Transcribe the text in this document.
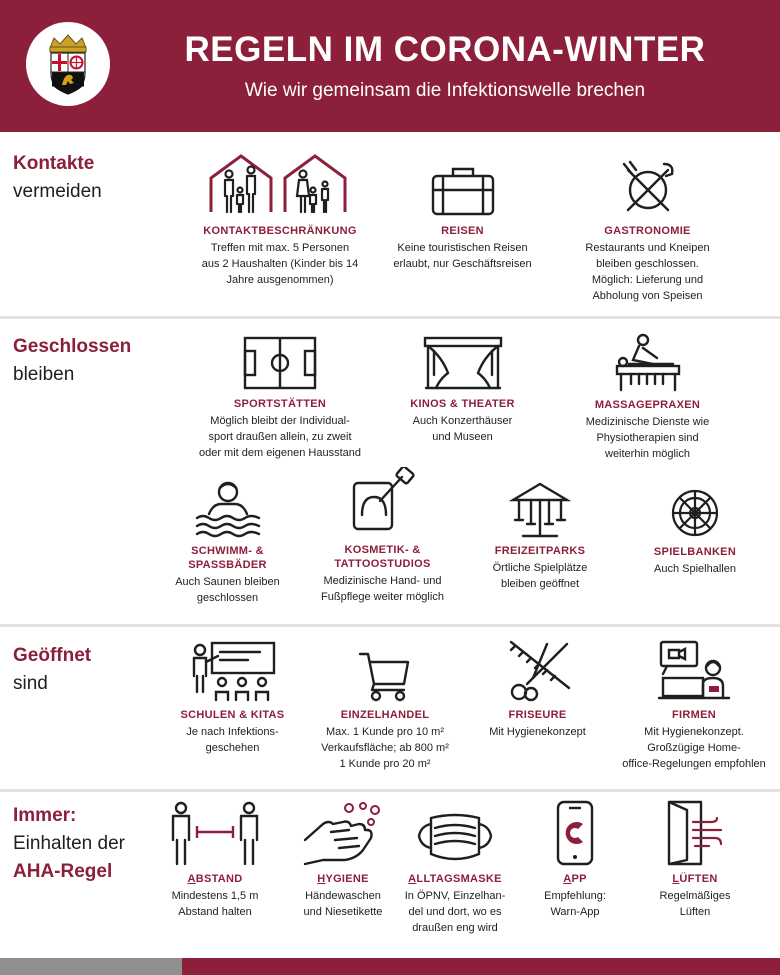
REGELN IM CORONA-WINTER
Wie wir gemeinsam die Infektionswelle brechen
Kontakte
vermeiden
KONTAKTBESCHRÄNKUNG
Treffen mit max. 5 Personen
aus 2 Haushalten (Kinder bis 14
Jahre ausgenommen)
REISEN
Keine touristischen Reisen
erlaubt, nur Geschäftsreisen
GASTRONOMIE
Restaurants und Kneipen
bleiben geschlossen.
Möglich: Lieferung und
Abholung von Speisen
Geschlossen
bleiben
SPORTSTÄTTEN
Möglich bleibt der Individual-
sport draußen allein, zu zweit
oder mit dem eigenen Hausstand
KINOS & THEATER
Auch Konzerthäuser
und Museen
MASSAGEPRAXEN
Medizinische Dienste wie
Physiotherapien sind
weiterhin möglich
SCHWIMM- &
SPASSBÄDER
Auch Saunen bleiben
geschlossen
KOSMETIK- &
TATTOOSTUDIOS
Medizinische Hand- und
Fußpflege weiter möglich
FREIZEITPARKS
Örtliche Spielplätze
bleiben geöffnet
SPIELBANKEN
Auch Spielhallen
Geöffnet
sind
SCHULEN & KITAS
Je nach Infektions-
geschehen
EINZELHANDEL
Max. 1 Kunde pro 10 m²
Verkaufsfläche; ab 800 m²
1 Kunde pro 20 m²
FRISEURE
Mit Hygienekonzept
FIRMEN
Mit Hygienekonzept.
Großzügige Home-
office-Regelungen empfohlen
Immer:
Einhalten der
AHA-Regel	ABSTAND
Mindestens 1,5 m
Abstand halten
HYGIENE
Händewaschen
und Niesetikette
ALLTAGSMASKE
In ÖPNV, Einzelhan-
del und dort, wo es
draußen eng wird
APP
Empfehlung:
Warn-App
LÜFTEN
Regelmäßiges
Lüften
